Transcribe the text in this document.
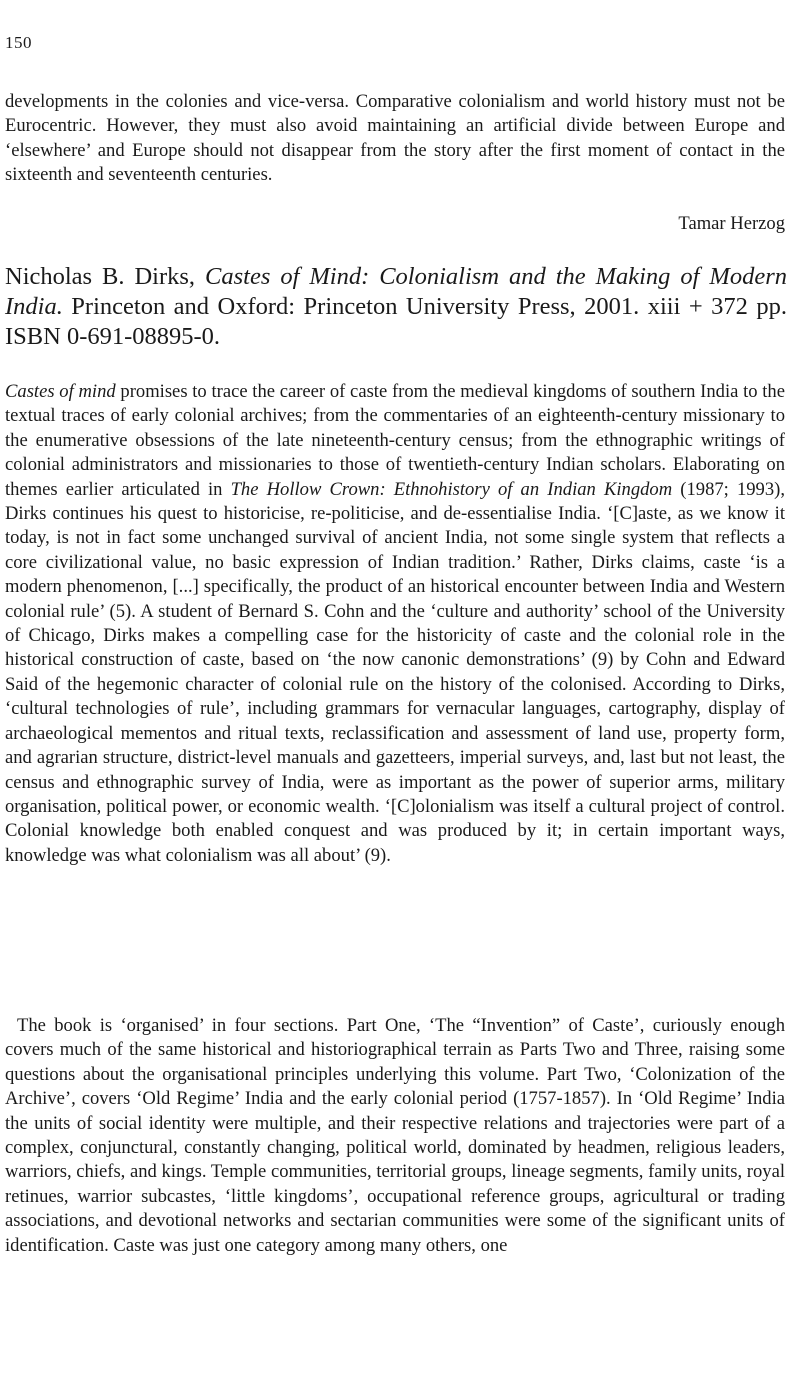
150

developments in the colonies and vice-versa. Comparative colonialism and world history must not be Eurocentric. However, they must also avoid maintaining an artificial divide between Europe and ‘elsewhere’ and Europe should not disappear from the story after the first moment of contact in the sixteenth and seventeenth centuries.

Tamar Herzog
Nicholas B. Dirks, Castes of Mind: Colonialism and the Making of Modern India. Princeton and Oxford: Princeton University Press, 2001. xiii + 372 pp. ISBN 0-691-08895-0.

Castes of mind promises to trace the career of caste from the medieval kingdoms of southern India to the textual traces of early colonial archives; from the commentaries of an eighteenth-century missionary to the enumerative obsessions of the late nineteenth-century census; from the ethnographic writings of colonial administrators and missionaries to those of twentieth-century Indian scholars. Elaborating on themes earlier articulated in The Hollow Crown: Ethnohistory of an Indian Kingdom (1987; 1993), Dirks continues his quest to historicise, re-politicise, and de-essentialise India. ‘[C]aste, as we know it today, is not in fact some unchanged survival of ancient India, not some single system that reflects a core civilizational value, no basic expression of Indian tradition.’ Rather, Dirks claims, caste ‘is a modern phenomenon, [...] specifically, the product of an historical encounter between India and Western colonial rule’ (5). A student of Bernard S. Cohn and the ‘culture and authority’ school of the University of Chicago, Dirks makes a compelling case for the historicity of caste and the colonial role in the historical construction of caste, based on ‘the now canonic demonstrations’ (9) by Cohn and Edward Said of the hegemonic character of colonial rule on the history of the colonised. According to Dirks, ‘cultural technologies of rule’, including grammars for vernacular languages, cartography, display of archaeological mementos and ritual texts, reclassification and assessment of land use, property form, and agrarian structure, district-level manuals and gazetteers, imperial surveys, and, last but not least, the census and ethnographic survey of India, were as important as the power of superior arms, military organisation, political power, or economic wealth. ‘[C]olonialism was itself a cultural project of control. Colonial knowledge both enabled conquest and was produced by it; in certain important ways, knowledge was what colonialism was all about’ (9).

The book is ‘organised’ in four sections. Part One, ‘The “Invention” of Caste’, curiously enough covers much of the same historical and historiographical terrain as Parts Two and Three, raising some questions about the organisational principles underlying this volume. Part Two, ‘Colonization of the Archive’, covers ‘Old Regime’ India and the early colonial period (1757-1857). In ‘Old Regime’ India the units of social identity were multiple, and their respective relations and trajectories were part of a complex, conjunctural, constantly changing, political world, dominated by headmen, religious leaders, warriors, chiefs, and kings. Temple communities, territorial groups, lineage segments, family units, royal retinues, warrior subcastes, ‘little kingdoms’, occupational reference groups, agricultural or trading associations, and devotional networks and sectarian communities were some of the significant units of identification. Caste was just one category among many others, one
